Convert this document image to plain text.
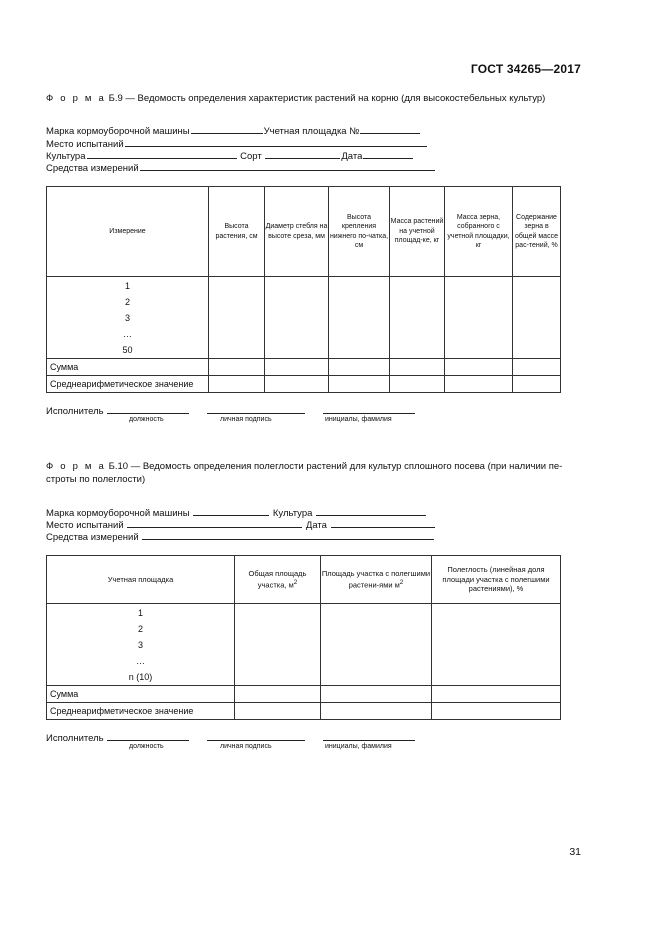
ГОСТ 34265—2017
Ф о р м а Б.9 — Ведомость определения характеристик растений на корню (для высокостебельных культур)
Марка кормоуборочной машины	Учетная площадка №
Место испытаний
Культура	Сорт	Дата
Средства измерений
Измерение	Высота растения, см	Диаметр стебля на высоте среза, мм	Высота крепления нижнего по-чатка, см	Масса растений на учетной площад-ке, кг	Масса зерна, собранного с учетной площадки, кг	Содержание зерна в общей массе рас-тений, %

1
2
3
…
50						

Сумма						
Среднеарифметическое значение						
Исполнитель
должность	личная подпись	инициалы, фамилия
Ф о р м а Б.10 — Ведомость определения полеглости растений для культур сплошного посева (при наличии пе-
строты по полеглости)
Марка кормоуборочной машины	Культура
Место испытаний	Дата
Средства измерений
Учетная площадка	Общая площадь участка, $м^2$	Площадь участка с полегшими растени-ями $м^2$	Полеглость (линейная доля площади участка с полегшими растениями), %

1
2
3
…
n (10)			

Сумма			
Среднеарифметическое значение			
Исполнитель
должность	личная подпись	инициалы, фамилия
31
